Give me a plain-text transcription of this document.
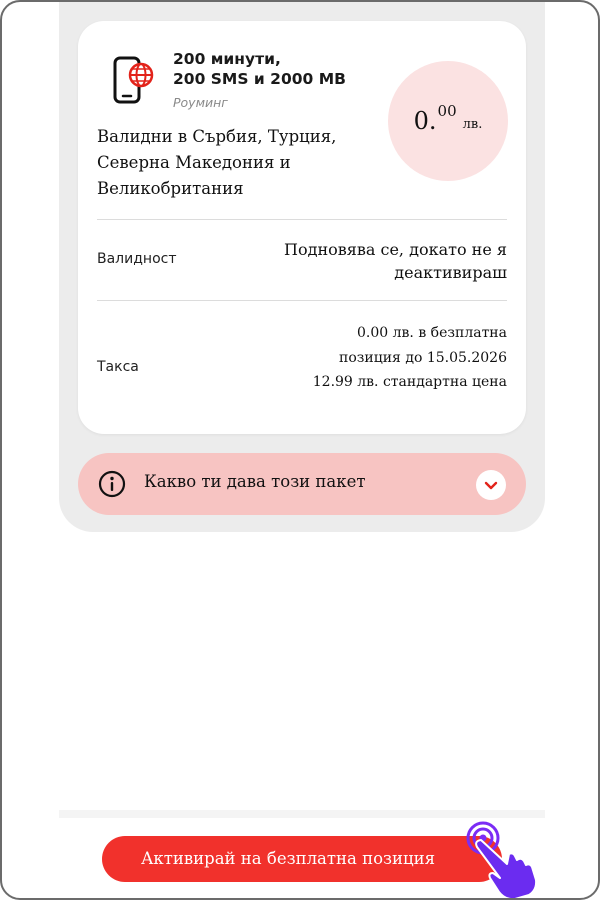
200 минути,
200 SMS и 2000 MB
Роуминг
0. 00
лв.
Валидни в Сърбия, Турция, Северна Македония и Великобритания
Валидност	Подновява се, докато не я деактивираш
Такса
0.00 лв. в безплатна позиция до 15.05.2026 12.99 лв. стандартна цена
Какво ти дава този пакет
Активирай на безплатна позиция
